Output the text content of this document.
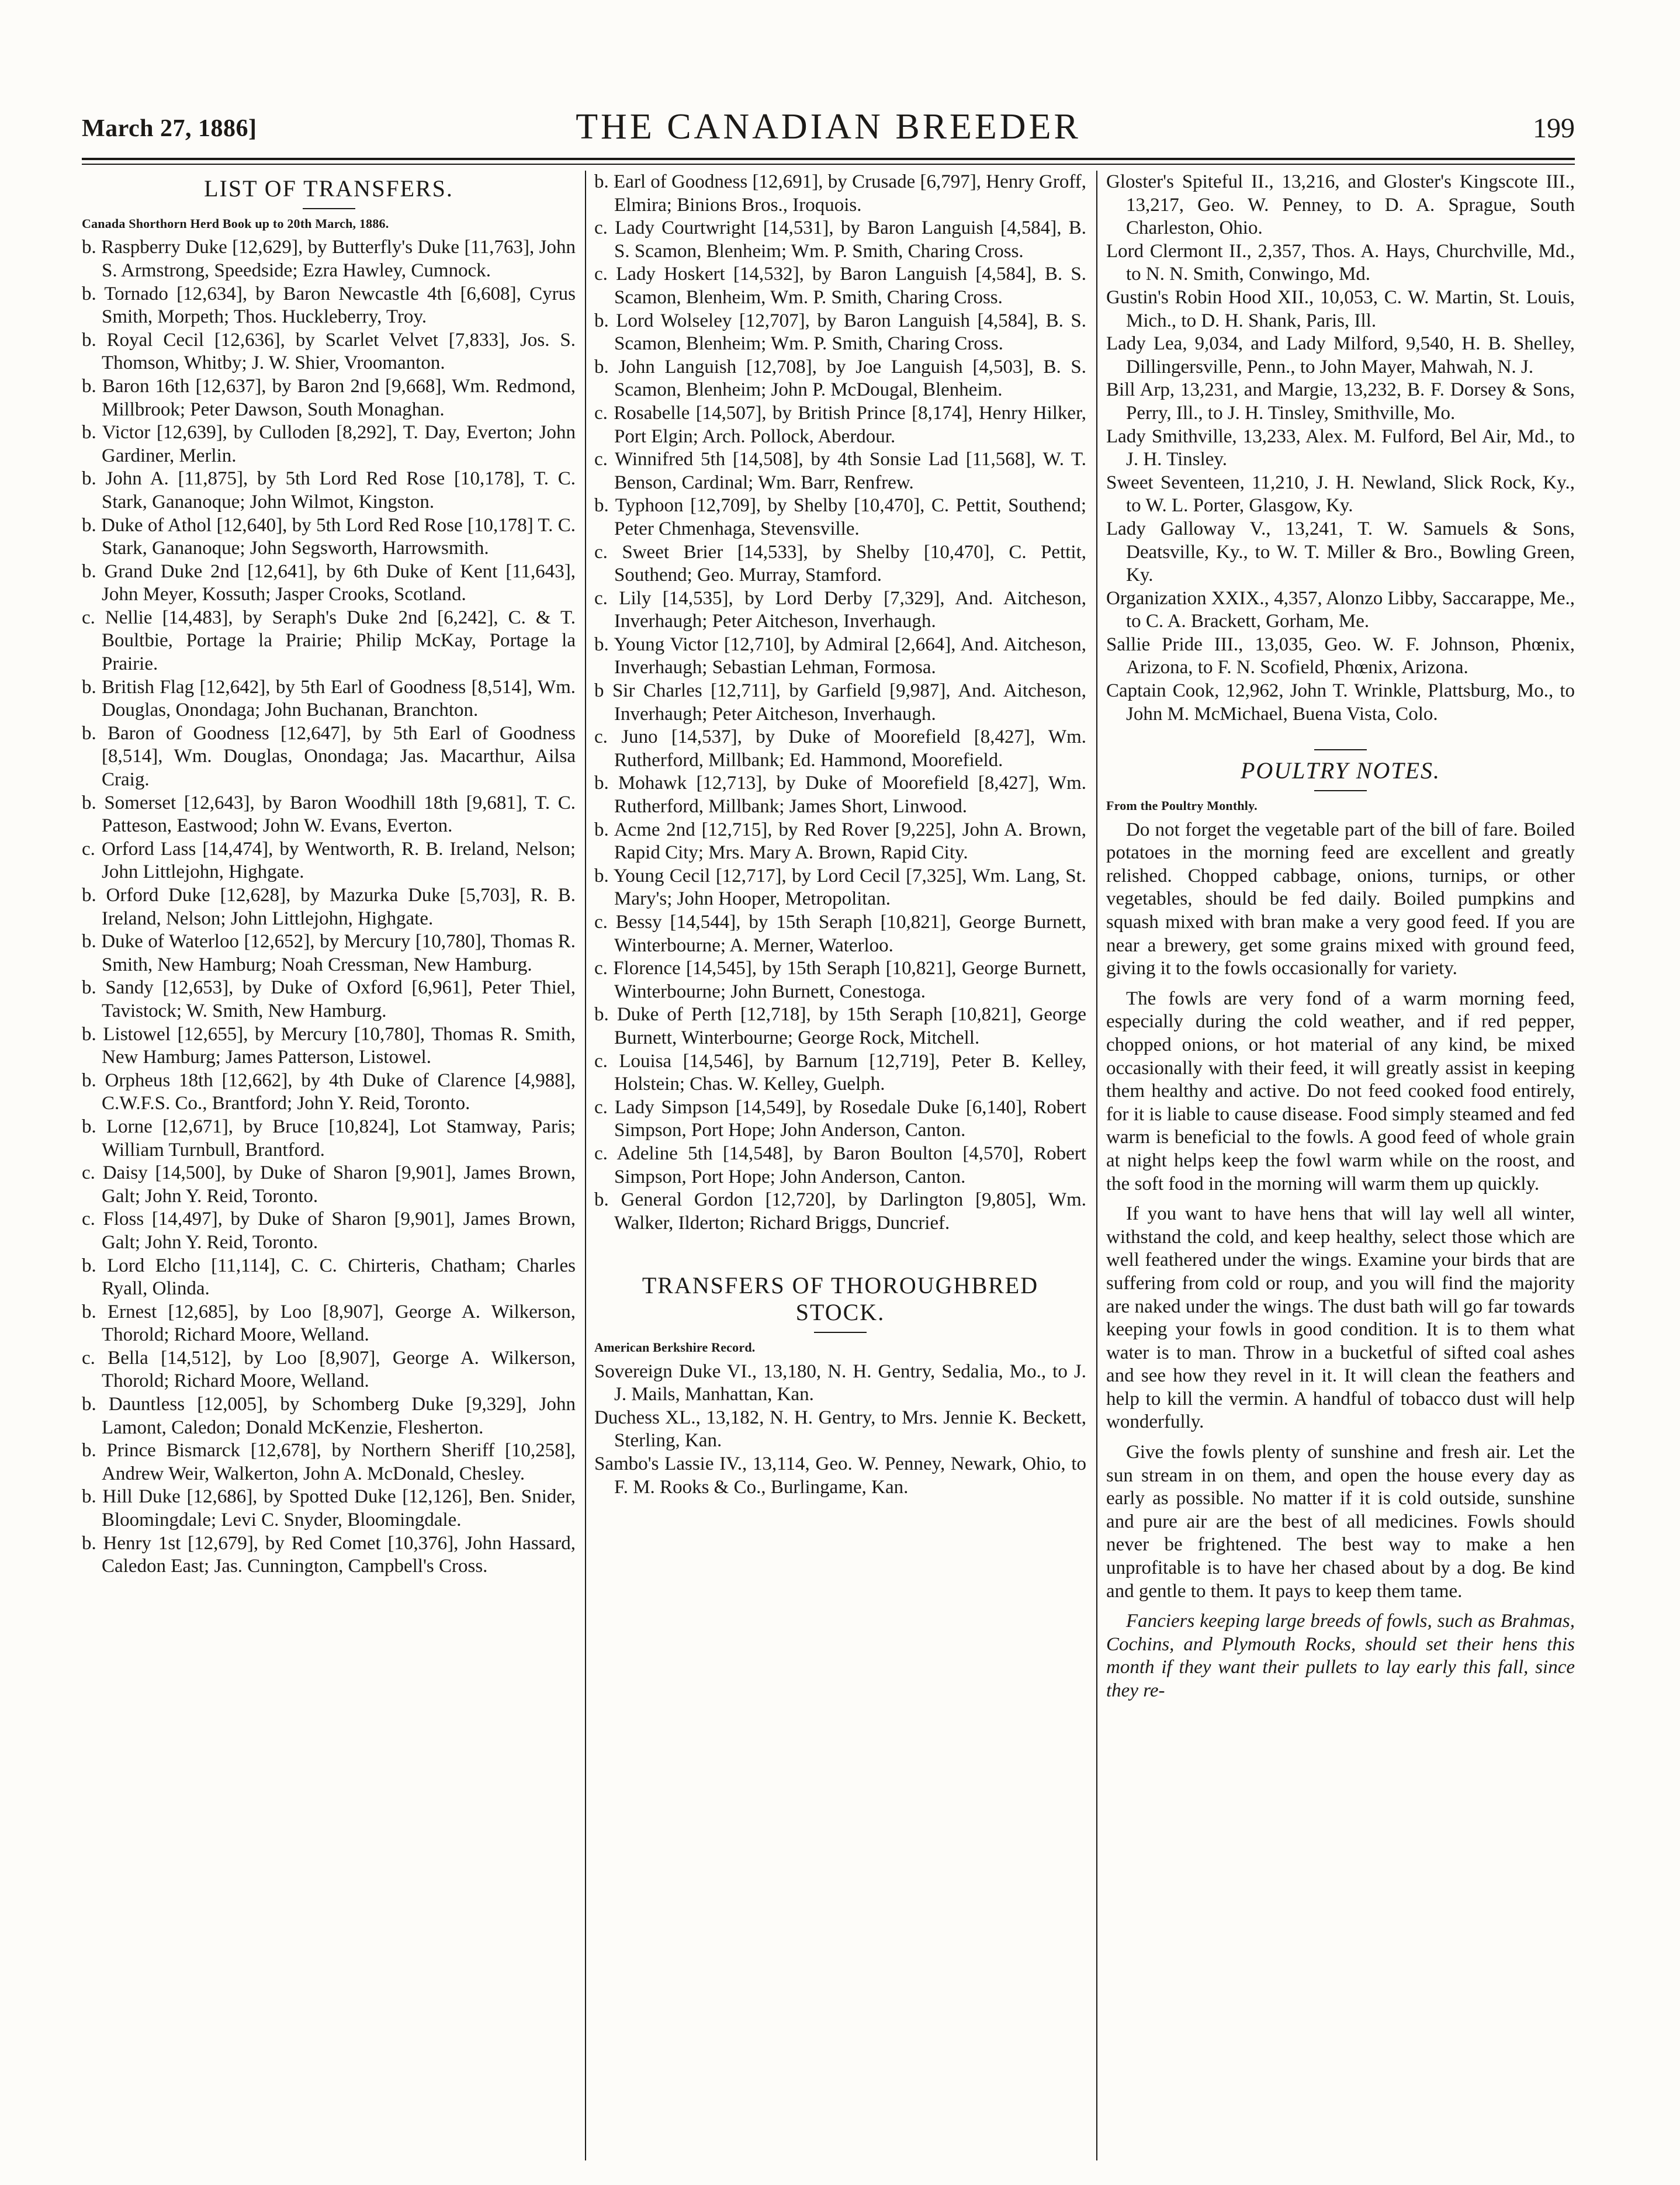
March 27, 1886]	THE CANADIAN BREEDER	199
LIST OF TRANSFERS.
Canada Shorthorn Herd Book up to 20th March, 1886.

b. Raspberry Duke [12,629], by Butterfly's Duke [11,763], John S. Armstrong, Speedside; Ezra Hawley, Cumnock.

b. Tornado [12,634], by Baron Newcastle 4th [6,608], Cyrus Smith, Morpeth; Thos. Huckleberry, Troy.

b. Royal Cecil [12,636], by Scarlet Velvet [7,833], Jos. S. Thomson, Whitby; J. W. Shier, Vroomanton.

b. Baron 16th [12,637], by Baron 2nd [9,668], Wm. Redmond, Millbrook; Peter Dawson, South Monaghan.

b. Victor [12,639], by Culloden [8,292], T. Day, Everton; John Gardiner, Merlin.

b. John A. [11,875], by 5th Lord Red Rose [10,178], T. C. Stark, Gananoque; John Wilmot, Kingston.

b. Duke of Athol [12,640], by 5th Lord Red Rose [10,178] T. C. Stark, Gananoque; John Segsworth, Harrowsmith.

b. Grand Duke 2nd [12,641], by 6th Duke of Kent [11,643], John Meyer, Kossuth; Jasper Crooks, Scotland.

c. Nellie [14,483], by Seraph's Duke 2nd [6,242], C. & T. Boultbie, Portage la Prairie; Philip McKay, Portage la Prairie.

b. British Flag [12,642], by 5th Earl of Goodness [8,514], Wm. Douglas, Onondaga; John Buchanan, Branchton.

b. Baron of Goodness [12,647], by 5th Earl of Goodness [8,514], Wm. Douglas, Onondaga; Jas. Macarthur, Ailsa Craig.

b. Somerset [12,643], by Baron Woodhill 18th [9,681], T. C. Patteson, Eastwood; John W. Evans, Everton.

c. Orford Lass [14,474], by Wentworth, R. B. Ireland, Nelson; John Littlejohn, Highgate.

b. Orford Duke [12,628], by Mazurka Duke [5,703], R. B. Ireland, Nelson; John Littlejohn, Highgate.

b. Duke of Waterloo [12,652], by Mercury [10,780], Thomas R. Smith, New Hamburg; Noah Cressman, New Hamburg.

b. Sandy [12,653], by Duke of Oxford [6,961], Peter Thiel, Tavistock; W. Smith, New Hamburg.

b. Listowel [12,655], by Mercury [10,780], Thomas R. Smith, New Hamburg; James Patterson, Listowel.

b. Orpheus 18th [12,662], by 4th Duke of Clarence [4,988], C.W.F.S. Co., Brantford; John Y. Reid, Toronto.

b. Lorne [12,671], by Bruce [10,824], Lot Stamway, Paris; William Turnbull, Brantford.

c. Daisy [14,500], by Duke of Sharon [9,901], James Brown, Galt; John Y. Reid, Toronto.

c. Floss [14,497], by Duke of Sharon [9,901], James Brown, Galt; John Y. Reid, Toronto.

b. Lord Elcho [11,114], C. C. Chirteris, Chatham; Charles Ryall, Olinda.

b. Ernest [12,685], by Loo [8,907], George A. Wilkerson, Thorold; Richard Moore, Welland.

c. Bella [14,512], by Loo [8,907], George A. Wilkerson, Thorold; Richard Moore, Welland.

b. Dauntless [12,005], by Schomberg Duke [9,329], John Lamont, Caledon; Donald McKenzie, Flesherton.

b. Prince Bismarck [12,678], by Northern Sheriff [10,258], Andrew Weir, Walkerton, John A. McDonald, Chesley.

b. Hill Duke [12,686], by Spotted Duke [12,126], Ben. Snider, Bloomingdale; Levi C. Snyder, Bloomingdale.

b. Henry 1st [12,679], by Red Comet [10,376], John Hassard, Caledon East; Jas. Cunnington, Campbell's Cross.

b. Earl of Goodness [12,691], by Crusade [6,797], Henry Groff, Elmira; Binions Bros., Iroquois.

c. Lady Courtwright [14,531], by Baron Languish [4,584], B. S. Scamon, Blenheim; Wm. P. Smith, Charing Cross.

c. Lady Hoskert [14,532], by Baron Languish [4,584], B. S. Scamon, Blenheim, Wm. P. Smith, Charing Cross.

b. Lord Wolseley [12,707], by Baron Languish [4,584], B. S. Scamon, Blenheim; Wm. P. Smith, Charing Cross.

b. John Languish [12,708], by Joe Languish [4,503], B. S. Scamon, Blenheim; John P. McDougal, Blenheim.

c. Rosabelle [14,507], by British Prince [8,174], Henry Hilker, Port Elgin; Arch. Pollock, Aberdour.

c. Winnifred 5th [14,508], by 4th Sonsie Lad [11,568], W. T. Benson, Cardinal; Wm. Barr, Renfrew.

b. Typhoon [12,709], by Shelby [10,470], C. Pettit, Southend; Peter Chmenhaga, Stevensville.

c. Sweet Brier [14,533], by Shelby [10,470], C. Pettit, Southend; Geo. Murray, Stamford.

c. Lily [14,535], by Lord Derby [7,329], And. Aitcheson, Inverhaugh; Peter Aitcheson, Inverhaugh.

b. Young Victor [12,710], by Admiral [2,664], And. Aitcheson, Inverhaugh; Sebastian Lehman, Formosa.

b Sir Charles [12,711], by Garfield [9,987], And. Aitcheson, Inverhaugh; Peter Aitcheson, Inverhaugh.

c. Juno [14,537], by Duke of Moorefield [8,427], Wm. Rutherford, Millbank; Ed. Hammond, Moorefield.

b. Mohawk [12,713], by Duke of Moorefield [8,427], Wm. Rutherford, Millbank; James Short, Linwood.

b. Acme 2nd [12,715], by Red Rover [9,225], John A. Brown, Rapid City; Mrs. Mary A. Brown, Rapid City.

b. Young Cecil [12,717], by Lord Cecil [7,325], Wm. Lang, St. Mary's; John Hooper, Metropolitan.

c. Bessy [14,544], by 15th Seraph [10,821], George Burnett, Winterbourne; A. Merner, Waterloo.

c. Florence [14,545], by 15th Seraph [10,821], George Burnett, Winterbourne; John Burnett, Conestoga.

b. Duke of Perth [12,718], by 15th Seraph [10,821], George Burnett, Winterbourne; George Rock, Mitchell.

c. Louisa [14,546], by Barnum [12,719], Peter B. Kelley, Holstein; Chas. W. Kelley, Guelph.

c. Lady Simpson [14,549], by Rosedale Duke [6,140], Robert Simpson, Port Hope; John Anderson, Canton.

c. Adeline 5th [14,548], by Baron Boulton [4,570], Robert Simpson, Port Hope; John Anderson, Canton.

b. General Gordon [12,720], by Darlington [9,805], Wm. Walker, Ilderton; Richard Briggs, Duncrief.

TRANSFERS OF THOROUGHBRED
STOCK.
American Berkshire Record.

Sovereign Duke VI., 13,180, N. H. Gentry, Sedalia, Mo., to J. J. Mails, Manhattan, Kan.

Duchess XL., 13,182, N. H. Gentry, to Mrs. Jennie K. Beckett, Sterling, Kan.

Sambo's Lassie IV., 13,114, Geo. W. Penney, Newark, Ohio, to F. M. Rooks & Co., Burlingame, Kan.

Gloster's Spiteful II., 13,216, and Gloster's Kingscote III., 13,217, Geo. W. Penney, to D. A. Sprague, South Charleston, Ohio.

Lord Clermont II., 2,357, Thos. A. Hays, Churchville, Md., to N. N. Smith, Conwingo, Md.

Gustin's Robin Hood XII., 10,053, C. W. Martin, St. Louis, Mich., to D. H. Shank, Paris, Ill.

Lady Lea, 9,034, and Lady Milford, 9,540, H. B. Shelley, Dillingersville, Penn., to John Mayer, Mahwah, N. J.

Bill Arp, 13,231, and Margie, 13,232, B. F. Dorsey & Sons, Perry, Ill., to J. H. Tinsley, Smithville, Mo.

Lady Smithville, 13,233, Alex. M. Fulford, Bel Air, Md., to J. H. Tinsley.

Sweet Seventeen, 11,210, J. H. Newland, Slick Rock, Ky., to W. L. Porter, Glasgow, Ky.

Lady Galloway V., 13,241, T. W. Samuels & Sons, Deatsville, Ky., to W. T. Miller & Bro., Bowling Green, Ky.

Organization XXIX., 4,357, Alonzo Libby, Saccarappe, Me., to C. A. Brackett, Gorham, Me.

Sallie Pride III., 13,035, Geo. W. F. Johnson, Phœnix, Arizona, to F. N. Scofield, Phœnix, Arizona.

Captain Cook, 12,962, John T. Wrinkle, Plattsburg, Mo., to John M. McMichael, Buena Vista, Colo.

POULTRY NOTES.
From the Poultry Monthly.

Do not forget the vegetable part of the bill of fare. Boiled potatoes in the morning feed are excellent and greatly relished. Chopped cabbage, onions, turnips, or other vegetables, should be fed daily. Boiled pumpkins and squash mixed with bran make a very good feed. If you are near a brewery, get some grains mixed with ground feed, giving it to the fowls occasionally for variety.

The fowls are very fond of a warm morning feed, especially during the cold weather, and if red pepper, chopped onions, or hot material of any kind, be mixed occasionally with their feed, it will greatly assist in keeping them healthy and active. Do not feed cooked food entirely, for it is liable to cause disease. Food simply steamed and fed warm is beneficial to the fowls. A good feed of whole grain at night helps keep the fowl warm while on the roost, and the soft food in the morning will warm them up quickly.

If you want to have hens that will lay well all winter, withstand the cold, and keep healthy, select those which are well feathered under the wings. Examine your birds that are suffering from cold or roup, and you will find the majority are naked under the wings. The dust bath will go far towards keeping your fowls in good condition. It is to them what water is to man. Throw in a bucketful of sifted coal ashes and see how they revel in it. It will clean the feathers and help to kill the vermin. A handful of tobacco dust will help wonderfully.

Give the fowls plenty of sunshine and fresh air. Let the sun stream in on them, and open the house every day as early as possible. No matter if it is cold outside, sunshine and pure air are the best of all medicines. Fowls should never be frightened. The best way to make a hen unprofitable is to have her chased about by a dog. Be kind and gentle to them. It pays to keep them tame.

Fanciers keeping large breeds of fowls, such as Brahmas, Cochins, and Plymouth Rocks, should set their hens this month if they want their pullets to lay early this fall, since they re-
